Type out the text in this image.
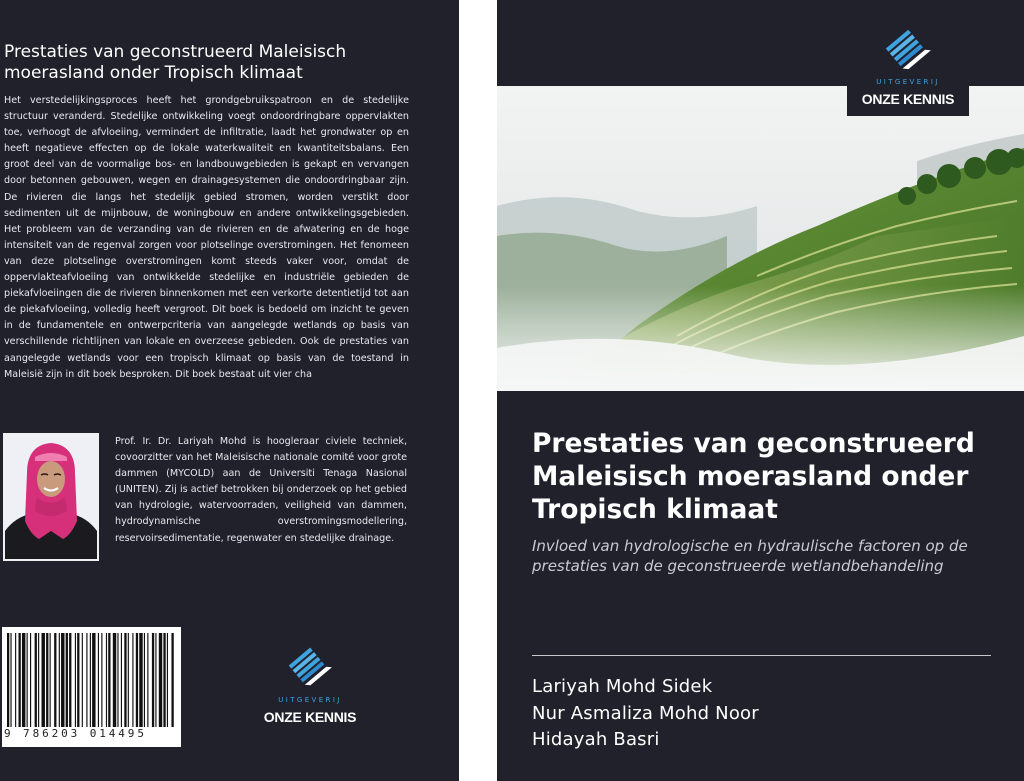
Prestaties van geconstrueerd Maleisisch moerasland onder Tropisch klimaat

Het verstedelijkingsproces heeft het grondgebruikspatroon en de stedelijke structuur veranderd. Stedelijke ontwikkeling voegt ondoordringbare oppervlakten toe, verhoogt de afvloeiing, vermindert de infiltratie, laadt het grondwater op en heeft negatieve effecten op de lokale waterkwaliteit en kwantiteitsbalans. Een groot deel van de voormalige bos- en landbouwgebieden is gekapt en vervangen door betonnen gebouwen, wegen en drainagesystemen die ondoordringbaar zijn. De rivieren die langs het stedelijk gebied stromen, worden verstikt door sedimenten uit de mijnbouw, de woningbouw en andere ontwikkelingsgebieden. Het probleem van de verzanding van de rivieren en de afwatering en de hoge intensiteit van de regenval zorgen voor plotselinge overstromingen. Het fenomeen van deze plotselinge overstromingen komt steeds vaker voor, omdat de oppervlakteafvloeiing van ontwikkelde stedelijke en industriële gebieden de piekafvloeiingen die de rivieren binnenkomen met een verkorte detentietijd tot aan de piekafvloeiing, volledig heeft vergroot. Dit boek is bedoeld om inzicht te geven in de fundamentele en ontwerpcriteria van aangelegde wetlands op basis van verschillende richtlijnen van lokale en overzeese gebieden. Ook de prestaties van aangelegde wetlands voor een tropisch klimaat op basis van de toestand in Maleisië zijn in dit boek besproken. Dit boek bestaat uit vier cha

Prof. Ir. Dr. Lariyah Mohd is hoogleraar civiele techniek, covoorzitter van het Maleisische nationale comité voor grote dammen (MYCOLD) aan de Universiti Tenaga Nasional (UNITEN). Zij is actief betrokken bij onderzoek op het gebied van hydrologie, watervoorraden, veiligheid van dammen, hydrodynamische overstromingsmodellering, reservoirsedimentatie, regenwater en stedelijke drainage.

9 786203 014495
UITGEVERIJ
ONZE KENNIS
UITGEVERIJ
ONZE KENNIS
Prestaties van geconstrueerd Maleisisch moerasland onder Tropisch klimaat

Invloed van hydrologische en hydraulische factoren op de prestaties van de geconstrueerde wetlandbehandeling

Lariyah Mohd Sidek
Nur Asmaliza Mohd Noor
Hidayah Basri
